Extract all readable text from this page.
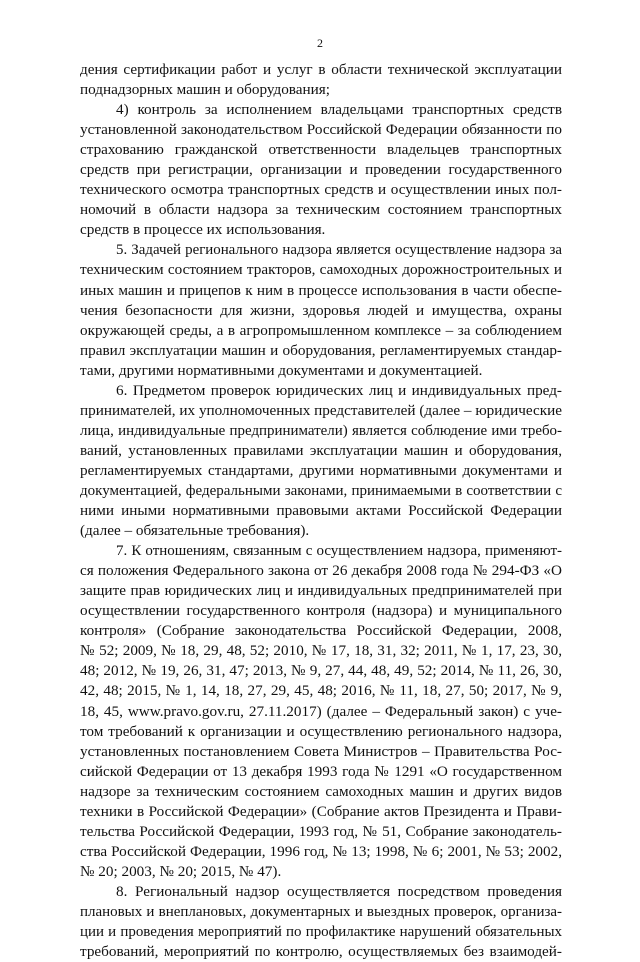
2
дения сертификации работ и услуг в области технической эксплуатации
поднадзорных машин и оборудования;
4) контроль за исполнением владельцами транспортных средств
установленной законодательством Российской Федерации обязанности по
страхованию гражданской ответственности владельцев транспортных
средств при регистрации, организации и проведении государственного
технического осмотра транспортных средств и осуществлении иных пол-
номочий в области надзора за техническим состоянием транспортных
средств в процессе их использования.
5. Задачей регионального надзора является осуществление надзора за
техническим состоянием тракторов, самоходных дорожностроительных и
иных машин и прицепов к ним в процессе использования в части обеспе-
чения безопасности для жизни, здоровья людей и имущества, охраны
окружающей среды, а в агропромышленном комплексе – за соблюдением
правил эксплуатации машин и оборудования, регламентируемых стандар-
тами, другими нормативными документами и документацией.
6. Предметом проверок юридических лиц и индивидуальных пред-
принимателей, их уполномоченных представителей (далее – юридические
лица, индивидуальные предприниматели) является соблюдение ими требо-
ваний, установленных правилами эксплуатации машин и оборудования,
регламентируемых стандартами, другими нормативными документами и
документацией, федеральными законами, принимаемыми в соответствии с
ними иными нормативными правовыми актами Российской Федерации
(далее – обязательные требования).
7. К отношениям, связанным с осуществлением надзора, применяют-
ся положения Федерального закона от 26 декабря 2008 года № 294-ФЗ «О
защите прав юридических лиц и индивидуальных предпринимателей при
осуществлении государственного контроля (надзора) и муниципального
контроля» (Собрание законодательства Российской Федерации, 2008,
№ 52; 2009, № 18, 29, 48, 52; 2010, № 17, 18, 31, 32; 2011, № 1, 17, 23, 30,
48; 2012, № 19, 26, 31, 47; 2013, № 9, 27, 44, 48, 49, 52; 2014, № 11, 26, 30,
42, 48; 2015, № 1, 14, 18, 27, 29, 45, 48; 2016, № 11, 18, 27, 50; 2017, № 9,
18, 45, www.pravo.gov.ru, 27.11.2017) (далее – Федеральный закон) с уче-
том требований к организации и осуществлению регионального надзора,
установленных постановлением Совета Министров – Правительства Рос-
сийской Федерации от 13 декабря 1993 года № 1291 «О государственном
надзоре за техническим состоянием самоходных машин и других видов
техники в Российской Федерации» (Собрание актов Президента и Прави-
тельства Российской Федерации, 1993 год, № 51, Собрание законодатель-
ства Российской Федерации, 1996 год, № 13; 1998, № 6; 2001, № 53; 2002,
№ 20; 2003, № 20; 2015, № 47).
8. Региональный надзор осуществляется посредством проведения
плановых и внеплановых, документарных и выездных проверок, организа-
ции и проведения мероприятий по профилактике нарушений обязательных
требований, мероприятий по контролю, осуществляемых без взаимодей-
